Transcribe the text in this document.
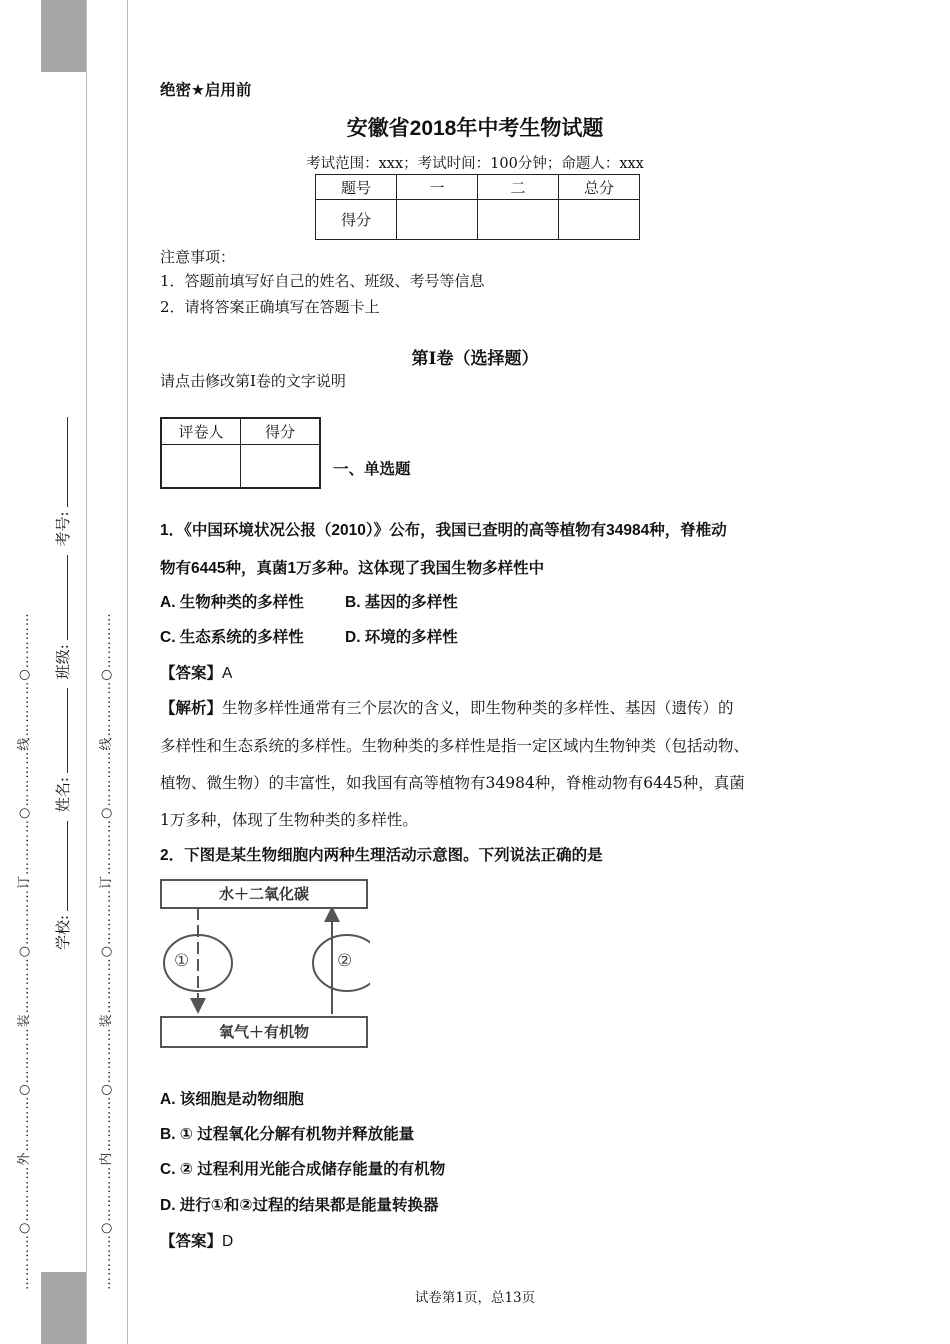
…………○…………外…………○…………装…………○…………订…………○…………线…………○…………	…………○…………内…………○…………装…………○…………订…………○…………线…………○…………
学校: 姓名: 班级: 考号:
绝密★启用前
安徽省2018年中考生物试题
考试范围：xxx；考试时间：100分钟；命题人：xxx
题号	一	二	总分
得分			
注意事项：
1．答题前填写好自己的姓名、班级、考号等信息
2．请将答案正确填写在答题卡上
第I卷（选择题）
请点击修改第I卷的文字说明
评卷人	得分

一、单选题
1．《中国环境状况公报（2010）》公布，我国已查明的高等植物有34984种，脊椎动
物有6445种，真菌1万多种。这体现了我国生物多样性中
A. 生物种类的多样性	B. 基因的多样性
C. 生态系统的多样性	D. 环境的多样性
【答案】A
【解析】生物多样性通常有三个层次的含义，即生物种类的多样性、基因（遗传）的
多样性和生态系统的多样性。生物种类的多样性是指一定区域内生物钟类（包括动物、
植物、微生物）的丰富性，如我国有高等植物有34984种，脊椎动物有6445种，真菌
1万多种，体现了生物种类的多样性。
2．下图是某生物细胞内两种生理活动示意图。下列说法正确的是
水＋二氧化碳
氧气＋有机物
①	②
A. 该细胞是动物细胞
B. ① 过程氧化分解有机物并释放能量
C. ② 过程利用光能合成储存能量的有机物
D. 进行①和②过程的结果都是能量转换器
【答案】D
试卷第1页，总13页
